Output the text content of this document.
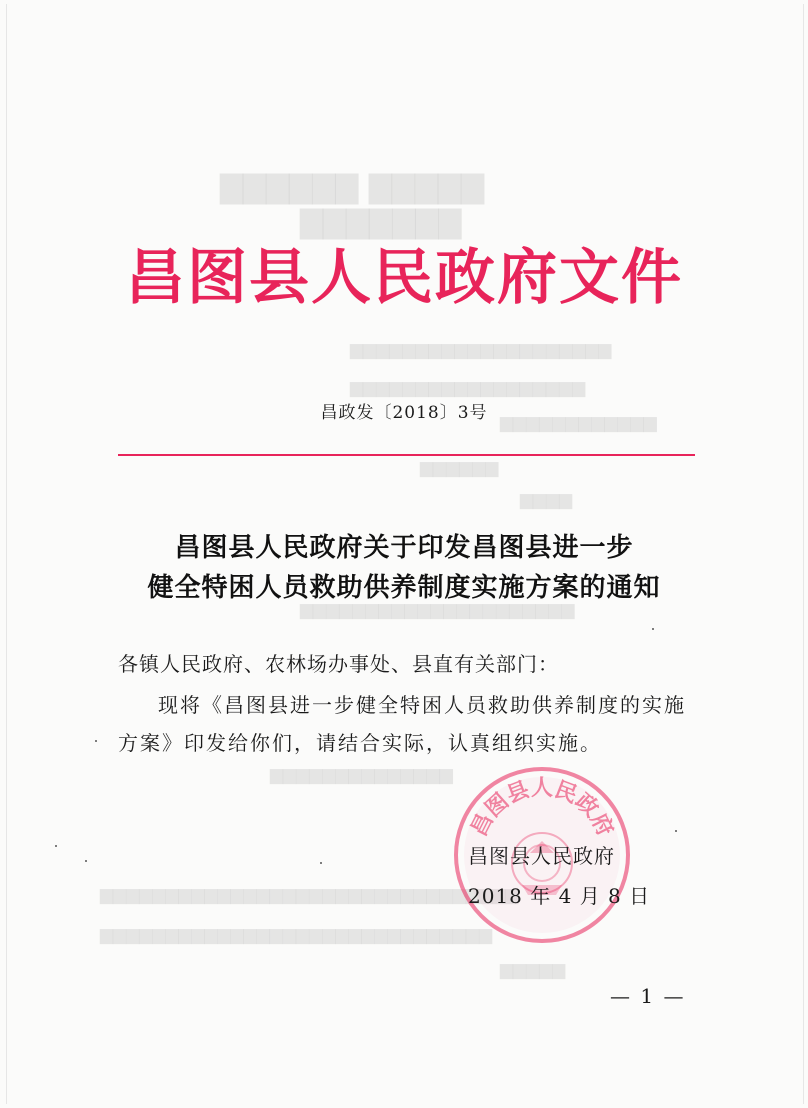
▇▇▇▇▇ ▇▇▇▇▇▇
▇▇▇▇▇▇▇
▆▆▆▆▆▆▆▆▆▆▆▆▆▆▆▆▆▆▆▆
▆▆▆▆▆▆▆▆▆▆▆▆▆▆▆▆▆▆
▆▆▆▆▆▆▆▆▆▆▆▆
▆▆▆▆▆▆
▆▆▆▆
▆▆▆▆▆▆▆▆▆▆▆▆▆▆▆▆▆▆▆▆▆
▆▆▆▆▆▆▆▆▆▆▆▆▆▆
▆▆▆▆▆▆▆▆▆▆▆▆▆▆▆▆▆▆▆▆▆▆▆▆▆▆▆▆▆▆▆▆
▆▆▆▆▆▆▆▆▆▆▆▆▆▆▆▆▆▆▆▆▆▆▆▆▆▆▆▆▆▆
▆▆▆▆▆
昌图县人民政府文件
昌政发〔2018〕3号
昌图县人民政府关于印发昌图县进一步
健全特困人员救助供养制度实施方案的通知
各镇人民政府、农林场办事处、县直有关部门：
现将《昌图县进一步健全特困人员救助供养制度的实施方案》印发给你们，请结合实际，认真组织实施。
昌图县人民政府
昌图县人民政府
2018 年 4 月 8 日
— 1 —
